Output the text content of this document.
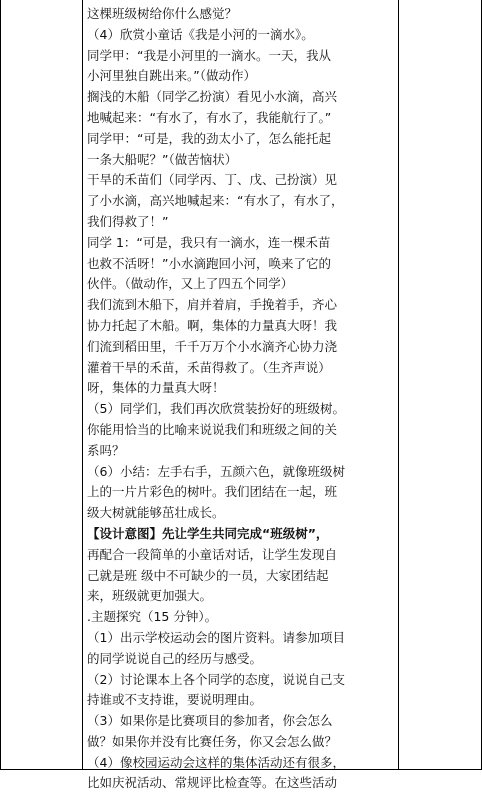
这棵班级树给你什么感觉？
（4）欣赏小童话《我是小河的一滴水》。
同学甲：“我是小河里的一滴水。一天，我从
小河里独自跳出来。”（做动作）
搁浅的木船（同学乙扮演）看见小水滴，高兴
地喊起来：“有水了，有水了，我能航行了。”
同学甲：“可是，我的劲太小了，怎么能托起
一条大船呢？”（做苦恼状）
干旱的禾苗们（同学丙、丁、戊、己扮演）见
了小水滴，高兴地喊起来：“有水了，有水了，
我们得救了！”
同学 1：“可是，我只有一滴水，连一棵禾苗
也救不活呀！”小水滴跑回小河，唤来了它的
伙伴。（做动作，又上了四五个同学）
我们流到木船下，肩并着肩，手挽着手，齐心
协力托起了木船。啊，集体的力量真大呀！我
们流到稻田里，千千万万个小水滴齐心协力浇
灌着干旱的禾苗，禾苗得救了。（生齐声说）
呀，集体的力量真大呀！
（5）同学们，我们再次欣赏装扮好的班级树。
你能用恰当的比喻来说说我们和班级之间的关
系吗？
（6）小结：左手右手，五颜六色，就像班级树
上的一片片彩色的树叶。我们团结在一起，班
级大树就能够茁壮成长。
【设计意图】先让学生共同完成“班级树”，
再配合一段简单的小童话对话，让学生发现自
己就是班 级中不可缺少的一员，大家团结起
来，班级就更加强大。
.主题探究（15 分钟）。
（1）出示学校运动会的图片资料。请参加项目
的同学说说自己的经历与感受。
（2）讨论课本上各个同学的态度，说说自己支
持谁或不支持谁，要说明理由。
（3）如果你是比赛项目的参加者，你会怎么
做？如果你并没有比赛任务，你又会怎么做？
（4）像校园运动会这样的集体活动还有很多，
比如庆祝活动、常规评比检查等。在这些活动
